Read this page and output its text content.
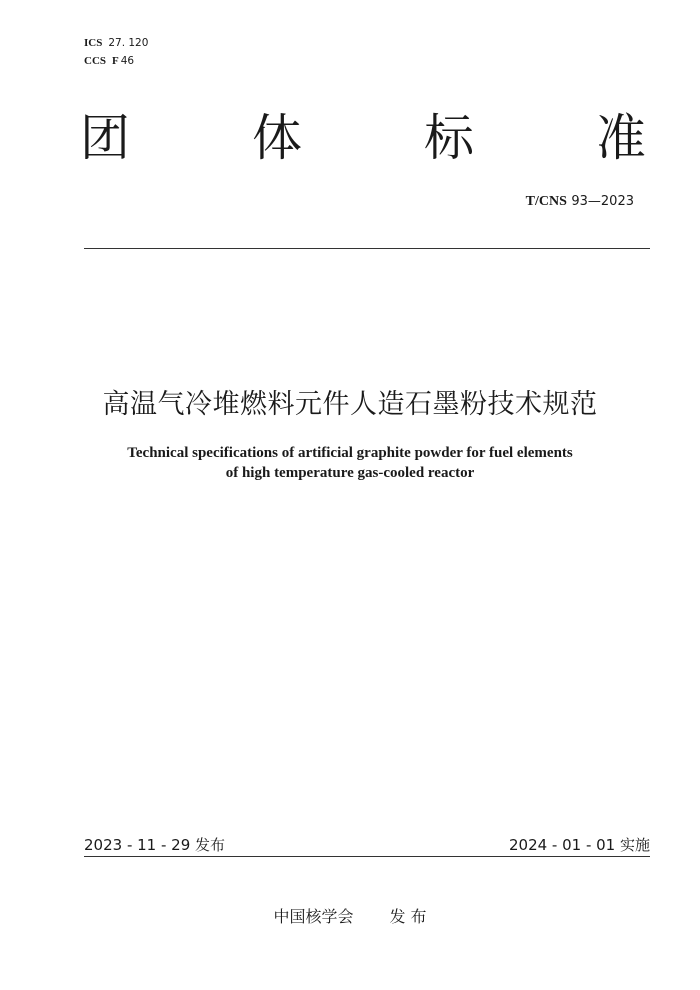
ICS 27. 120
CCS F 46
团 体 标 准
T/CNS 93—2023
高温气冷堆燃料元件人造石墨粉技术规范
Technical specifications of artificial graphite powder for fuel elements
of high temperature gas-cooled reactor
2023 - 11 - 29 发布	2024 - 01 - 01 实施
中国核学会 发 布
